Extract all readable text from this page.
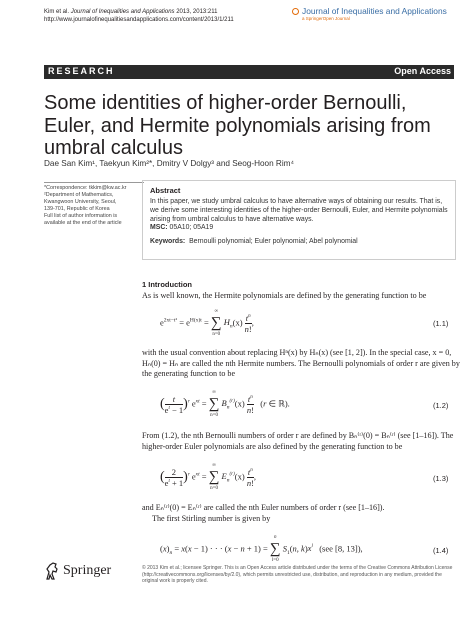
Kim et al. Journal of Inequalities and Applications 2013, 2013:211
http://www.journalofinequalitiesandapplications.com/content/2013/1/211
Journal of Inequalities and Applications
a SpringerOpen Journal
RESEARCH	Open Access
Some identities of higher-order Bernoulli, Euler, and Hermite polynomials arising from umbral calculus
Dae San Kim¹, Taekyun Kim²*, Dmitry V Dolgy³ and Seog-Hoon Rim⁴
*Correspondence: tkkim@kw.ac.kr
²Department of Mathematics,
Kwangwoon University, Seoul,
139-701, Republic of Korea
Full list of author information is
available at the end of the article
Abstract
In this paper, we study umbral calculus to have alternative ways of obtaining our results. That is, we derive some interesting identities of the higher-order Bernoulli, Euler, and Hermite polynomials arising from umbral calculus to have alternative ways.
MSC: 05A10; 05A19
Keywords: Bernoulli polynomial; Euler polynomial; Abel polynomial
1 Introduction
As is well known, the Hermite polynomials are defined by the generating function to be
$e^{2xt-t^2} = e^{H(x)t}$ =
∞
∑
n=0
$H_n(x) \frac{t^n}{n!}$ ,	(1.1)
with the usual convention about replacing Hⁿ(x) by Hₙ(x) (see [1, 2]). In the special case, x = 0, Hₙ(0) = Hₙ are called the nth Hermite numbers. The Bernoulli polynomials of order r are given by the generating function to be
( $\frac{t}{e^t - 1} )^r$ $e^{xt}$ =
∞
∑
n=0
$B_n^{(r)}(x) \frac{t^n}{n!} (r$ ∈ ℝ).	(1.2)
From (1.2), the nth Bernoulli numbers of order r are defined by Bₙ⁽ʳ⁾(0) = Bₙ⁽ʳ⁾ (see [1–16]). The higher-order Euler polynomials are also defined by the generating function to be
( $\frac{2}{e^t + 1} )^r$ $e^{xt}$ =
∞
∑
n=0
$E_n^{(r)}(x) \frac{t^n}{n!}$ ,	(1.3)
and Eₙ⁽ʳ⁾(0) = Eₙ⁽ʳ⁾ are called the nth Euler numbers of order r (see [1–16]).
The first Stirling number is given by
$(x)_n = x(x - 1)$ · · · (x − n + 1) =
n
∑
l=0
$S_1(n$, $k)x^l$ (see [8, 13]),	(1.4)
Springer	© 2013 Kim et al.; licensee Springer. This is an Open Access article distributed under the terms of the Creative Commons Attribution License (http://creativecommons.org/licenses/by/2.0), which permits unrestricted use, distribution, and reproduction in any medium, provided the original work is properly cited.
